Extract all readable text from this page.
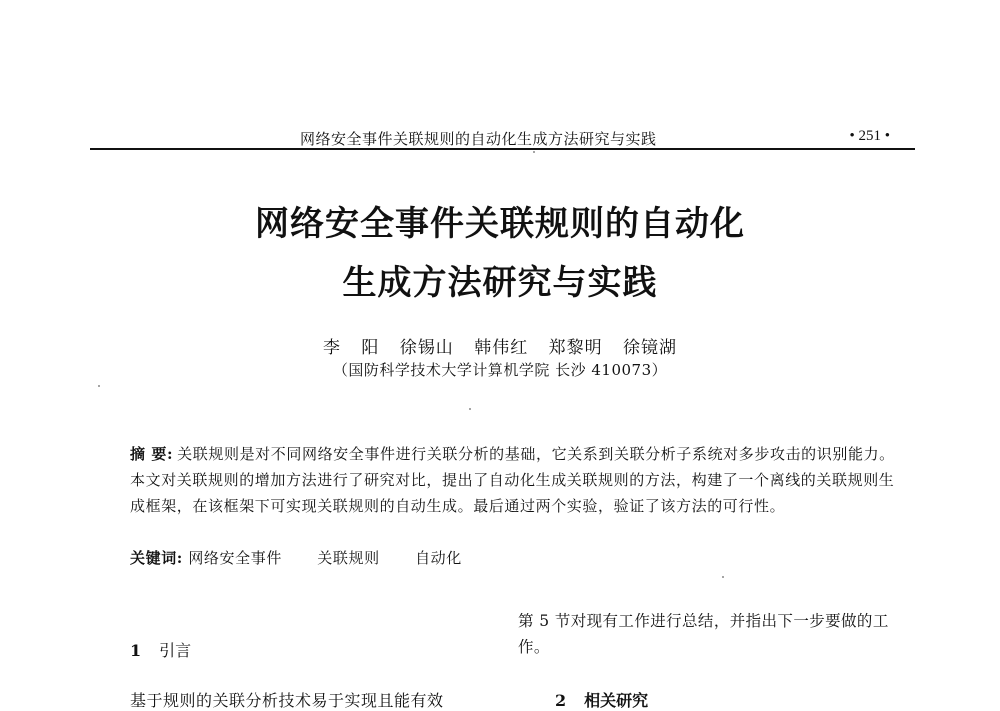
网络安全事件关联规则的自动化生成方法研究与实践	• 251 •
网络安全事件关联规则的自动化
生成方法研究与实践
李 阳 徐锡山 韩伟红 郑黎明 徐镜湖
（国防科学技术大学计算机学院 长沙 410073）
摘 要: 关联规则是对不同网络安全事件进行关联分析的基础，它关系到关联分析子系统对多步攻击的识别能力。本文对关联规则的增加方法进行了研究对比，提出了自动化生成关联规则的方法，构建了一个离线的关联规则生成框架，在该框架下可实现关联规则的自动生成。最后通过两个实验，验证了该方法的可行性。
关键词: 网络安全事件 关联规则 自动化
1 引言
第 5 节对现有工作进行总结，并指出下一步要做的工作。
基于规则的关联分析技术易于实现且能有效	2 相关研究
